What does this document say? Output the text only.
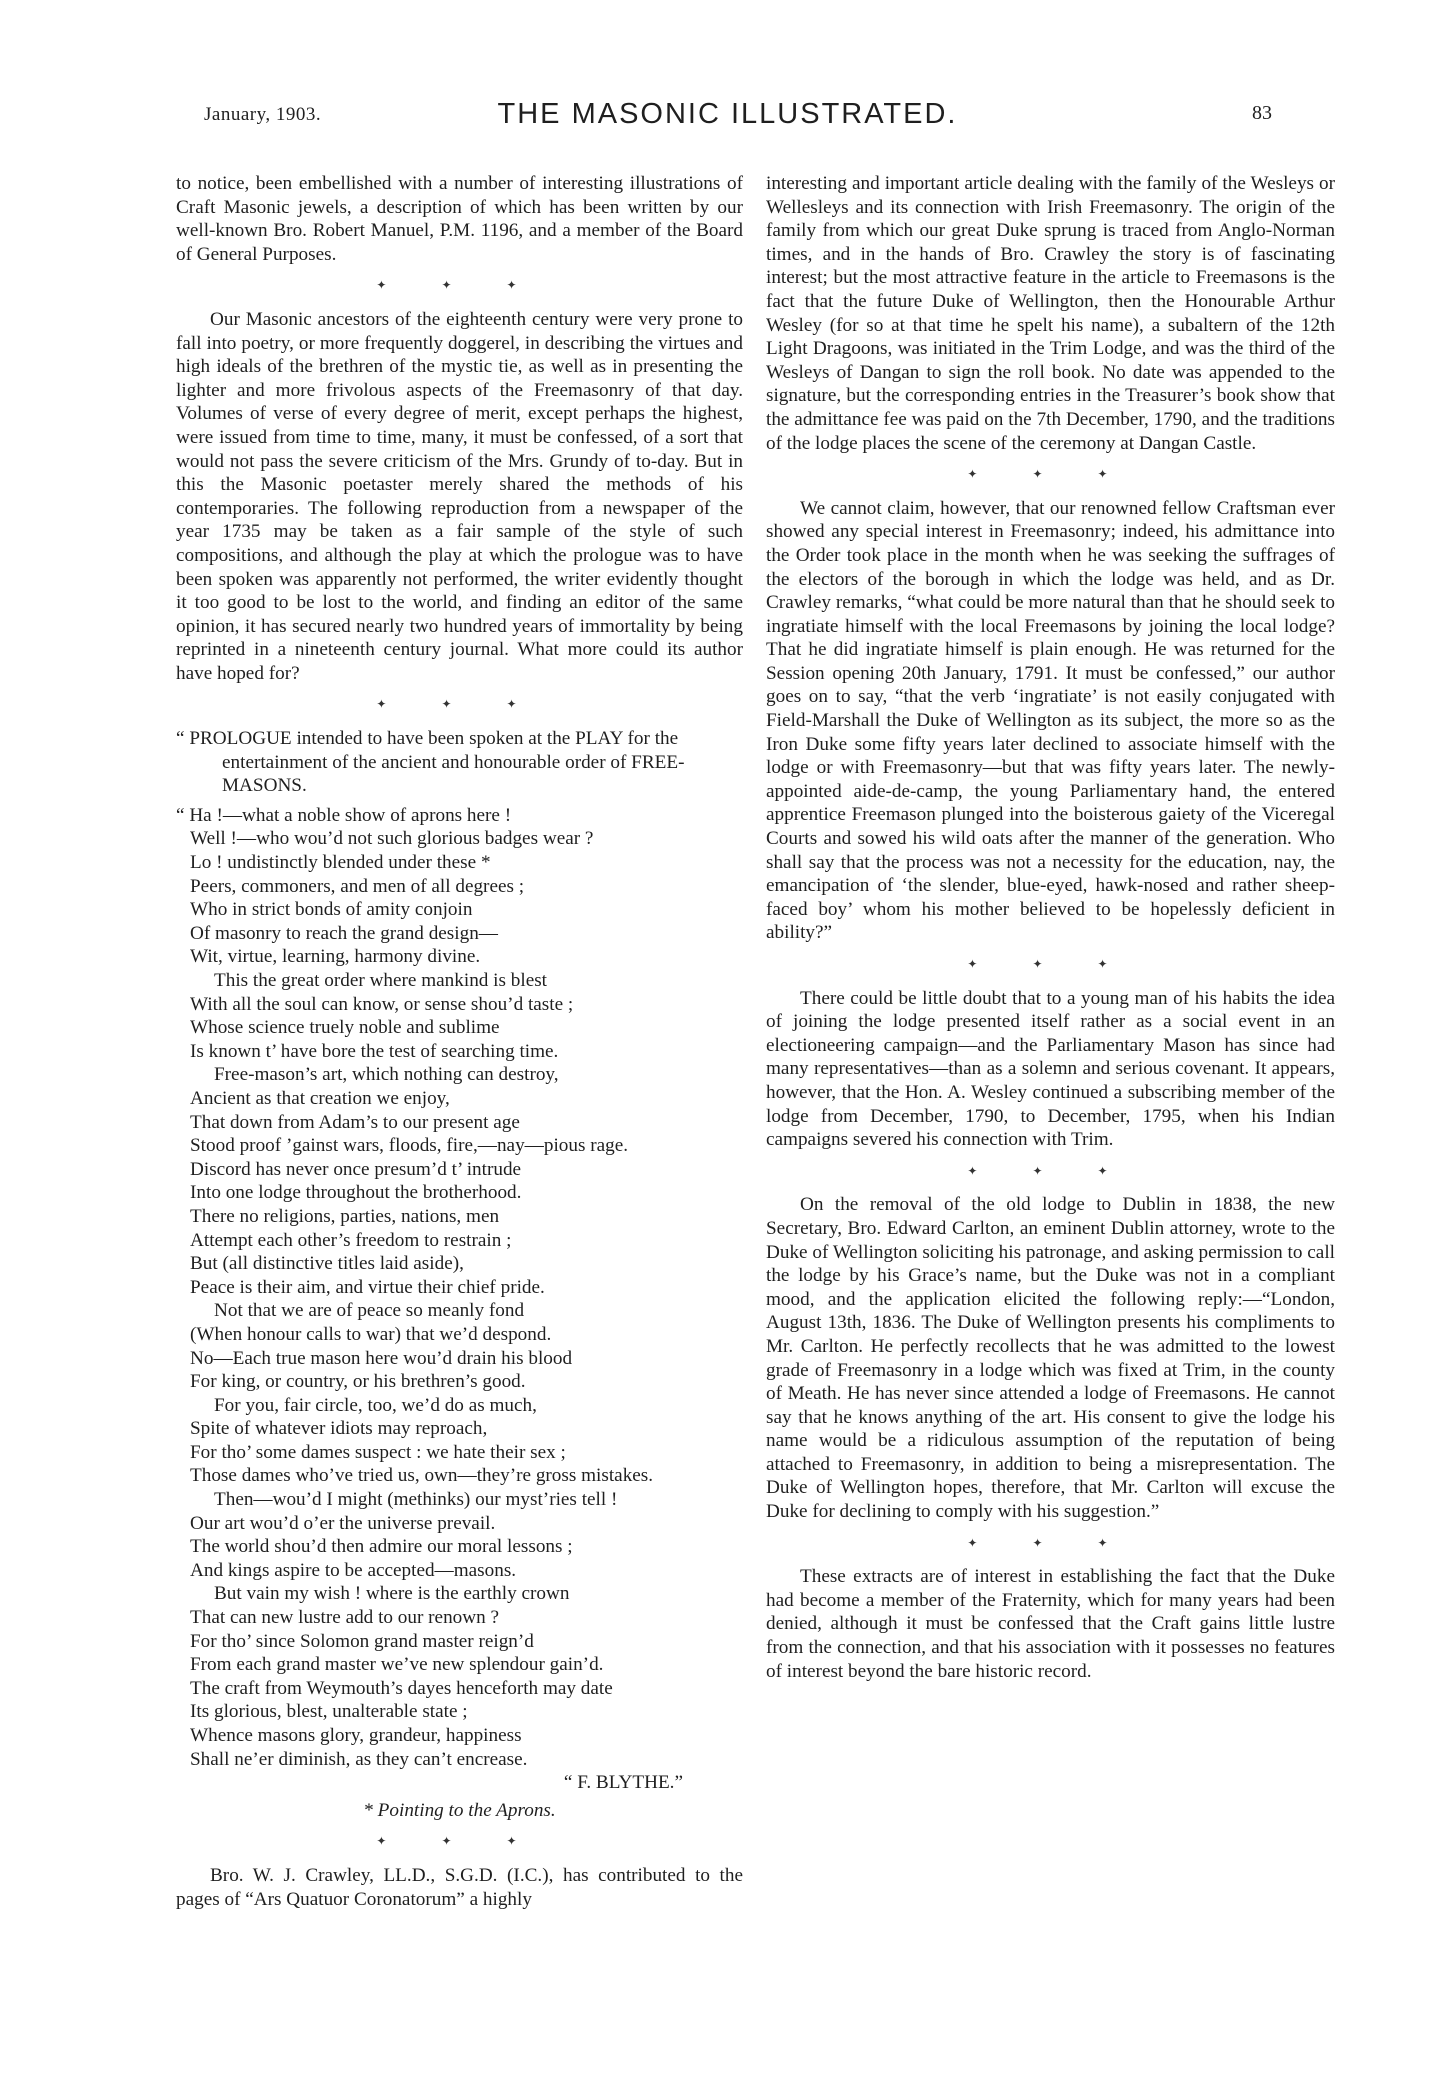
January, 1903.	THE MASONIC ILLUSTRATED.	83

to notice, been embellished with a number of interesting illustrations of Craft Masonic jewels, a description of which has been written by our well-known Bro. Robert Manuel, P.M. 1196, and a member of the Board of General Purposes.

✦ ✦ ✦

Our Masonic ancestors of the eighteenth century were very prone to fall into poetry, or more frequently doggerel, in describing the virtues and high ideals of the brethren of the mystic tie, as well as in presenting the lighter and more frivolous aspects of the Freemasonry of that day. Volumes of verse of every degree of merit, except perhaps the highest, were issued from time to time, many, it must be confessed, of a sort that would not pass the severe criticism of the Mrs. Grundy of to-day. But in this the Masonic poetaster merely shared the methods of his contemporaries. The following reproduction from a newspaper of the year 1735 may be taken as a fair sample of the style of such compositions, and although the play at which the prologue was to have been spoken was apparently not performed, the writer evidently thought it too good to be lost to the world, and finding an editor of the same opinion, it has secured nearly two hundred years of immortality by being reprinted in a nineteenth century journal. What more could its author have hoped for?

✦ ✦ ✦

“ PROLOGUE intended to have been spoken at the PLAY for the entertainment of the ancient and honourable order of FREE-MASONS.

“ Ha !—what a noble show of aprons here !
Well !—who wou’d not such glorious badges wear ?
Lo ! undistinctly blended under these *
Peers, commoners, and men of all degrees ;
Who in strict bonds of amity conjoin
Of masonry to reach the grand design—
Wit, virtue, learning, harmony divine.
This the great order where mankind is blest
With all the soul can know, or sense shou’d taste ;
Whose science truely noble and sublime
Is known t’ have bore the test of searching time.
Free-mason’s art, which nothing can destroy,
Ancient as that creation we enjoy,
That down from Adam’s to our present age
Stood proof ’gainst wars, floods, fire,—nay—pious rage.
Discord has never once presum’d t’ intrude
Into one lodge throughout the brotherhood.
There no religions, parties, nations, men
Attempt each other’s freedom to restrain ;
But (all distinctive titles laid aside),
Peace is their aim, and virtue their chief pride.
Not that we are of peace so meanly fond
(When honour calls to war) that we’d despond.
No—Each true mason here wou’d drain his blood
For king, or country, or his brethren’s good.
For you, fair circle, too, we’d do as much,
Spite of whatever idiots may reproach,
For tho’ some dames suspect : we hate their sex ;
Those dames who’ve tried us, own—they’re gross mistakes.
Then—wou’d I might (methinks) our myst’ries tell !
Our art wou’d o’er the universe prevail.
The world shou’d then admire our moral lessons ;
And kings aspire to be accepted—masons.
But vain my wish ! where is the earthly crown
That can new lustre add to our renown ?
For tho’ since Solomon grand master reign’d
From each grand master we’ve new splendour gain’d.
The craft from Weymouth’s dayes henceforth may date
Its glorious, blest, unalterable state ;
Whence masons glory, grandeur, happiness
Shall ne’er diminish, as they can’t encrease.
“ F. BLYTHE.”
* Pointing to the Aprons.
✦ ✦ ✦

Bro. W. J. Crawley, LL.D., S.G.D. (I.C.), has contributed to the pages of “Ars Quatuor Coronatorum” a highly

interesting and important article dealing with the family of the Wesleys or Wellesleys and its connection with Irish Freemasonry. The origin of the family from which our great Duke sprung is traced from Anglo-Norman times, and in the hands of Bro. Crawley the story is of fascinating interest; but the most attractive feature in the article to Freemasons is the fact that the future Duke of Wellington, then the Honourable Arthur Wesley (for so at that time he spelt his name), a subaltern of the 12th Light Dragoons, was initiated in the Trim Lodge, and was the third of the Wesleys of Dangan to sign the roll book. No date was appended to the signature, but the corresponding entries in the Treasurer’s book show that the admittance fee was paid on the 7th December, 1790, and the traditions of the lodge places the scene of the ceremony at Dangan Castle.

✦ ✦ ✦

We cannot claim, however, that our renowned fellow Craftsman ever showed any special interest in Freemasonry; indeed, his admittance into the Order took place in the month when he was seeking the suffrages of the electors of the borough in which the lodge was held, and as Dr. Crawley remarks, “what could be more natural than that he should seek to ingratiate himself with the local Freemasons by joining the local lodge? That he did ingratiate himself is plain enough. He was returned for the Session opening 20th January, 1791. It must be confessed,” our author goes on to say, “that the verb ‘ingratiate’ is not easily conjugated with Field-Marshall the Duke of Wellington as its subject, the more so as the Iron Duke some fifty years later declined to associate himself with the lodge or with Freemasonry—but that was fifty years later. The newly-appointed aide-de-camp, the young Parliamentary hand, the entered apprentice Freemason plunged into the boisterous gaiety of the Viceregal Courts and sowed his wild oats after the manner of the generation. Who shall say that the process was not a necessity for the education, nay, the emancipation of ‘the slender, blue-eyed, hawk-nosed and rather sheep-faced boy’ whom his mother believed to be hopelessly deficient in ability?”

✦ ✦ ✦

There could be little doubt that to a young man of his habits the idea of joining the lodge presented itself rather as a social event in an electioneering campaign—and the Parliamentary Mason has since had many representatives—than as a solemn and serious covenant. It appears, however, that the Hon. A. Wesley continued a subscribing member of the lodge from December, 1790, to December, 1795, when his Indian campaigns severed his connection with Trim.

✦ ✦ ✦

On the removal of the old lodge to Dublin in 1838, the new Secretary, Bro. Edward Carlton, an eminent Dublin attorney, wrote to the Duke of Wellington soliciting his patronage, and asking permission to call the lodge by his Grace’s name, but the Duke was not in a compliant mood, and the application elicited the following reply:—“London, August 13th, 1836. The Duke of Wellington presents his compliments to Mr. Carlton. He perfectly recollects that he was admitted to the lowest grade of Freemasonry in a lodge which was fixed at Trim, in the county of Meath. He has never since attended a lodge of Freemasons. He cannot say that he knows anything of the art. His consent to give the lodge his name would be a ridiculous assumption of the reputation of being attached to Freemasonry, in addition to being a misrepresentation. The Duke of Wellington hopes, therefore, that Mr. Carlton will excuse the Duke for declining to comply with his suggestion.”

✦ ✦ ✦

These extracts are of interest in establishing the fact that the Duke had become a member of the Fraternity, which for many years had been denied, although it must be confessed that the Craft gains little lustre from the connection, and that his association with it possesses no features of interest beyond the bare historic record.
